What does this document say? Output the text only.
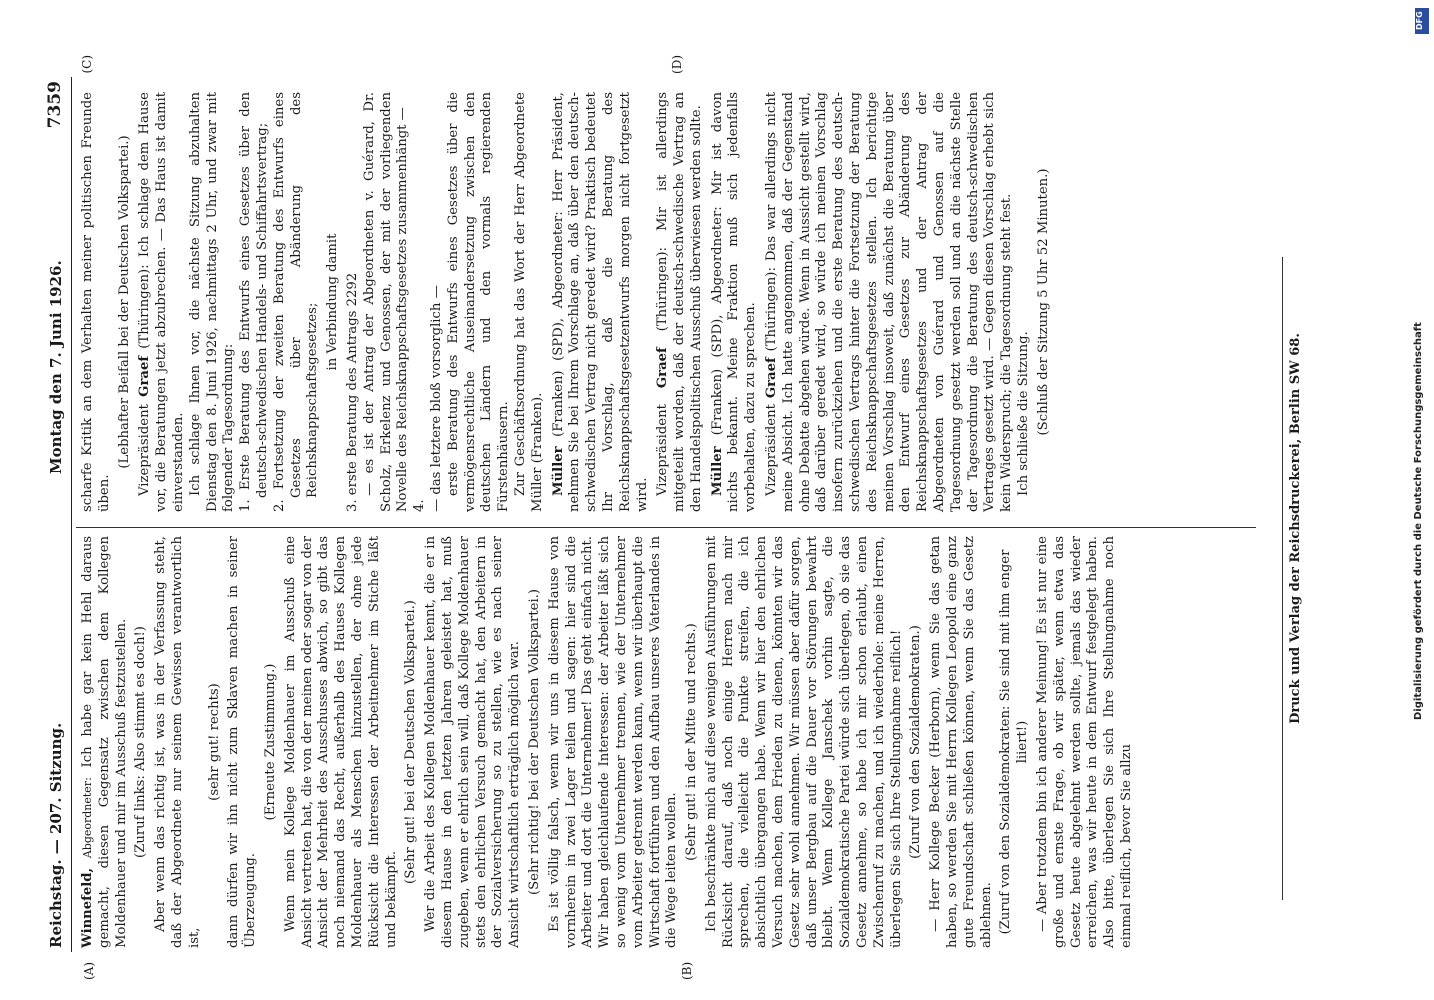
Reichstag. — 207. Sitzung.
Montag den 7. Juni 1926.
7359
(A)	(B)
(C)	(D)

Winnefeld, Abgeordneter: Ich habe gar kein Hehl daraus gemacht, diesen Gegensatz zwischen dem Kollegen Moldenhauer und mir im Ausschuß festzustellen. (Zuruf links: Also stimmt es doch!) Aber wenn das richtig ist, was in der Verfassung steht, daß der Abgeordnete nur seinem Gewissen verantwortlich ist,

(sehr gut! rechts) dann dürfen wir ihn nicht zum Sklaven machen in seiner Überzeugung.

(Erneute Zustimmung.) Wenn mein Kollege Moldenhauer im Ausschuß eine Ansicht vertreten hat, die von der meinen oder sogar von der Ansicht der Mehrheit des Ausschusses abwich, so gibt das noch niemand das Recht, außerhalb des Hauses Kollegen Moldenhauer als Menschen hinzustellen, der ohne jede Rücksicht die Interessen der Arbeitnehmer im Stiche läßt und bekämpft.

(Sehr gut! bei der Deutschen Volkspartei.) Wer die Arbeit des Kollegen Moldenhauer kennt, die er in diesem Hause in den letzten Jahren geleistet hat, muß zugeben, wenn er ehrlich sein will, daß Kollege Moldenhauer stets den ehrlichen Versuch gemacht hat, den Arbeitern in der Sozialversicherung so zu stellen, wie es nach seiner Ansicht wirtschaftlich erträglich möglich war. (Sehr richtig! bei der Deutschen Volkspartei.) Es ist völlig falsch, wenn wir uns in diesem Hause von vornherein in zwei Lager teilen und sagen: hier sind die Arbeiter und dort die Unternehmer! Das geht einfach nicht. Wir haben gleichlaufende Interessen: der Arbeiter läßt sich so wenig vom Unternehmer trennen, wie der Unternehmer vom Arbeiter getrennt werden kann, wenn wir überhaupt die Wirtschaft fortführen und den Aufbau unseres Vaterlandes in die Wege leiten wollen.

(Sehr gut! in der Mitte und rechts.) Ich beschränkte mich auf diese wenigen Ausführungen mit Rücksicht darauf, daß noch einige Herren nach mir sprechen, die vielleicht die Punkte streifen, die ich absichtlich übergangen habe. Wenn wir hier den ehrlichen Versuch machen, dem Frieden zu dienen, könnten wir das Gesetz sehr wohl annehmen. Wir müssen aber dafür sorgen, daß unser Bergbau auf die Dauer vor Störungen bewahrt bleibt. Wenn Kollege Janschek vorhin sagte, die Sozialdemokratische Partei würde sich überlegen, ob sie das Gesetz annehme, so habe ich mir schon erlaubt, einen Zwischenruf zu machen, und ich wiederhole: meine Herren, überlegen Sie sich Ihre Stellungnahme reiflich! (Zuruf von den Sozialdemokraten.) — Herr Kollege Becker (Herborn), wenn Sie das getan haben, so werden Sie mit Herrn Kollegen Leopold eine ganz gute Freundschaft schließen können, wenn Sie das Gesetz ablehnen. (Zuruf von den Sozialdemokraten: Sie sind mit ihm enger liiert!) — Aber trotzdem bin ich anderer Meinung! Es ist nur eine große und ernste Frage, ob wir später, wenn etwa das Gesetz heute abgelehnt werden sollte, jemals das wieder erreichen, was wir heute in dem Entwurf festgelegt haben. Also bitte, überlegen Sie sich Ihre Stellungnahme noch einmal reiflich, bevor Sie allzu

scharfe Kritik an dem Verhalten meiner politischen Freunde üben.

(Lebhafter Beifall bei der Deutschen Volkspartei.) Vizepräsident Graef (Thüringen): Ich schlage dem Hause vor, die Beratungen jetzt abzubrechen. — Das Haus ist damit einverstanden. Ich schlage Ihnen vor, die nächste Sitzung abzuhalten Dienstag den 8. Juni 1926, nachmittags 2 Uhr, und zwar mit folgender Tagesordnung: 1. Erste Beratung des Entwurfs eines Gesetzes über den deutsch-schwedischen Handels- und Schiffahrtsvertrag; 2. Fortsetzung der zweiten Beratung des Entwurfs eines Gesetzes über Abänderung des Reichsknappschaftsgesetzes;

in Verbindung damit 3. erste Beratung des Antrags 2292 — es ist der Antrag der Abgeordneten v. Guérard, Dr. Scholz, Erkelenz und Genossen, der mit der vorliegenden Novelle des Reichsknappschaftsgesetzes zusammenhängt — 4. — das letztere bloß vorsorglich — erste Beratung des Entwurfs eines Gesetzes über die vermögensrechtliche Auseinandersetzung zwischen den deutschen Ländern und den vormals regierenden Fürstenhäusern. Zur Geschäftsordnung hat das Wort der Herr Abgeordnete Müller (Franken). Müller (Franken) (SPD), Abgeordneter: Herr Präsident, nehmen Sie bei Ihrem Vorschlage an, daß über den deutsch-schwedischen Vertrag nicht geredet wird? Praktisch bedeutet Ihr Vorschlag, daß die Beratung des Reichsknappschaftsgesetzentwurfs morgen nicht fortgesetzt wird. Vizepräsident Graef (Thüringen): Mir ist allerdings mitgeteilt worden, daß der deutsch-schwedische Vertrag an den Handelspolitischen Ausschuß überwiesen werden sollte. Müller (Franken) (SPD), Abgeordneter: Mir ist davon nichts bekannt. Meine Fraktion muß sich jedenfalls vorbehalten, dazu zu sprechen. Vizepräsident Graef (Thüringen): Das war allerdings nicht meine Absicht. Ich hatte angenommen, daß der Gegenstand ohne Debatte abgehen würde. Wenn in Aussicht gestellt wird, daß darüber geredet wird, so würde ich meinen Vorschlag insofern zurückziehen und die erste Beratung des deutsch-schwedischen Vertrags hinter die Fortsetzung der Beratung des Reichsknappschaftsgesetzes stellen. Ich berichtige meinen Vorschlag insoweit, daß zunächst die Beratung über den Entwurf eines Gesetzes zur Abänderung des Reichsknappschaftsgesetzes und der Antrag der Abgeordneten von Guérard und Genossen auf die Tagesordnung gesetzt werden soll und an die nächste Stelle der Tagesordnung die Beratung des deutsch-schwedischen Vertrages gesetzt wird. — Gegen diesen Vorschlag erhebt sich kein Widerspruch; die Tagesordnung steht fest. Ich schließe die Sitzung. (Schluß der Sitzung 5 Uhr 52 Minuten.)

Druck und Verlag der Reichsdruckerei, Berlin SW 68.
DFG
Digitalisierung gefördert durch die Deutsche Forschungsgemeinschaft
